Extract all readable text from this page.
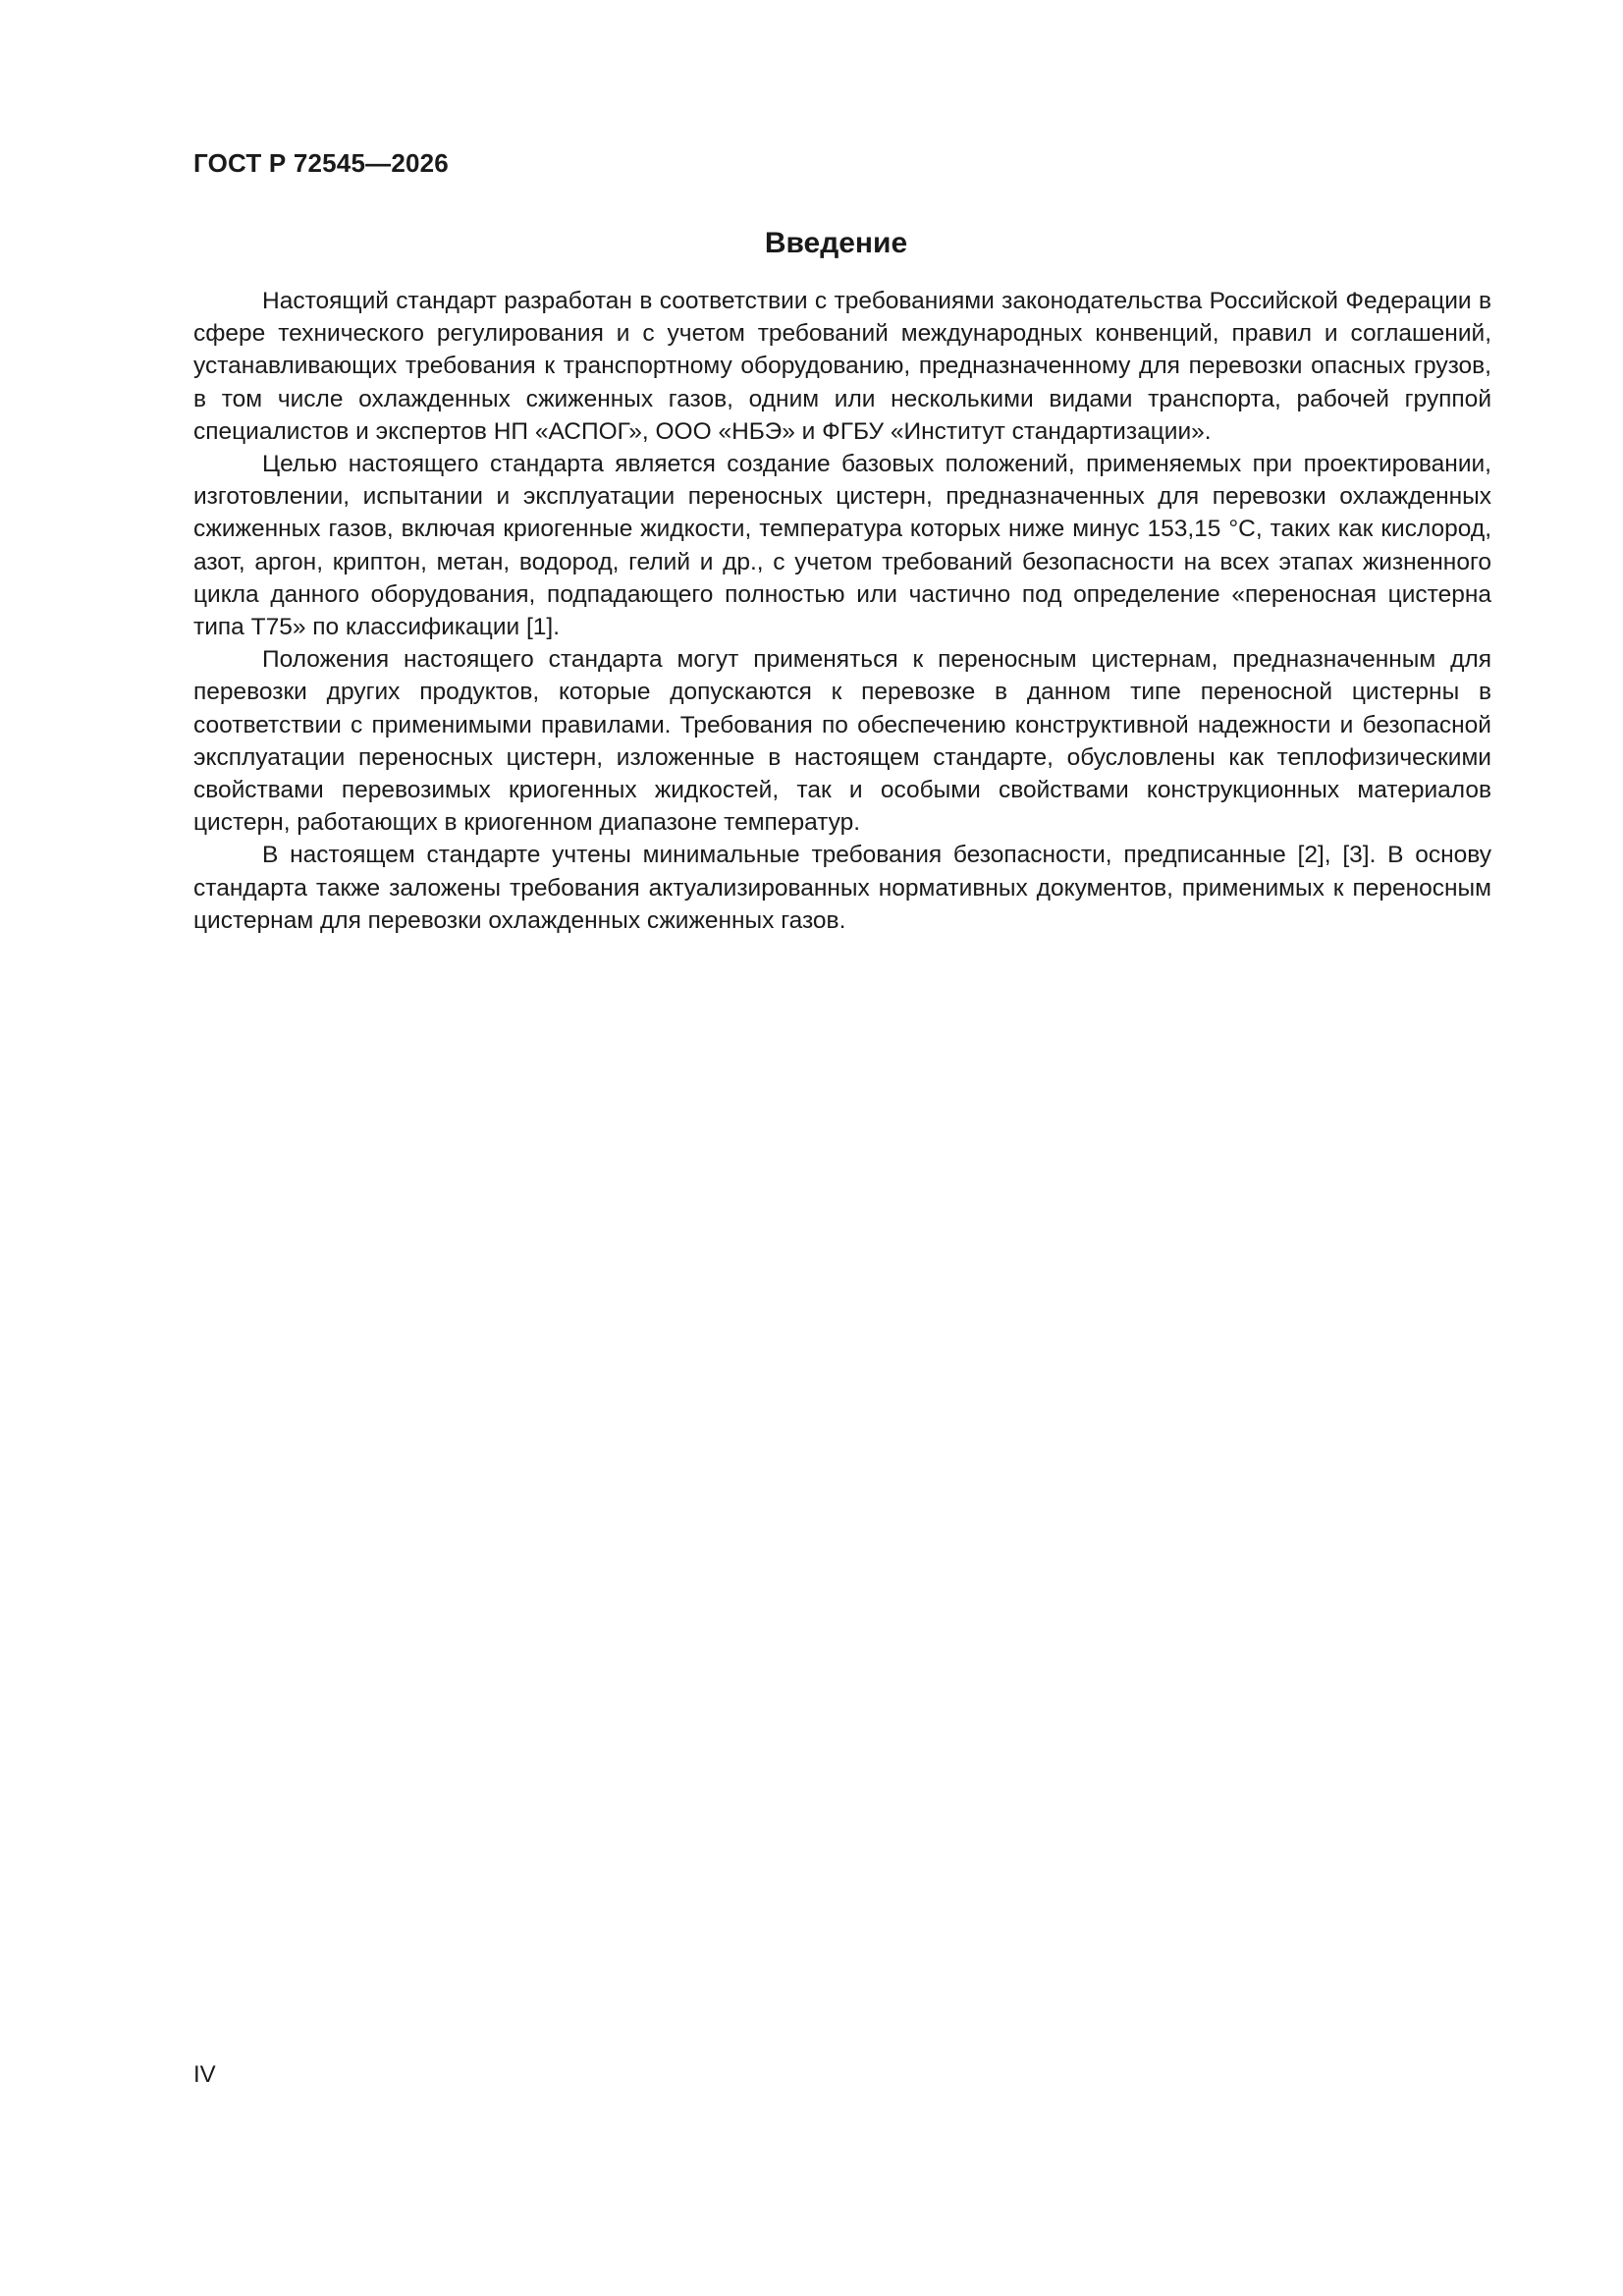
ГОСТ Р 72545—2026
Введение

Настоящий стандарт разработан в соответствии с требованиями законодательства Российской Федерации в сфере технического регулирования и с учетом требований международных конвенций, правил и соглашений, устанавливающих требования к транспортному оборудованию, предназначенному для перевозки опасных грузов, в том числе охлажденных сжиженных газов, одним или несколькими видами транспорта, рабочей группой специалистов и экспертов НП «АСПОГ», ООО «НБЭ» и ФГБУ «Институт стандартизации».

Целью настоящего стандарта является создание базовых положений, применяемых при проектировании, изготовлении, испытании и эксплуатации переносных цистерн, предназначенных для перевозки охлажденных сжиженных газов, включая криогенные жидкости, температура которых ниже минус 153,15 °С, таких как кислород, азот, аргон, криптон, метан, водород, гелий и др., с учетом требований безопасности на всех этапах жизненного цикла данного оборудования, подпадающего полностью или частично под определение «переносная цистерна типа Т75» по классификации [1].

Положения настоящего стандарта могут применяться к переносным цистернам, предназначенным для перевозки других продуктов, которые допускаются к перевозке в данном типе переносной цистерны в соответствии с применимыми правилами. Требования по обеспечению конструктивной надежности и безопасной эксплуатации переносных цистерн, изложенные в настоящем стандарте, обусловлены как теплофизическими свойствами перевозимых криогенных жидкостей, так и особыми свойствами конструкционных материалов цистерн, работающих в криогенном диапазоне температур.

В настоящем стандарте учтены минимальные требования безопасности, предписанные [2], [3]. В основу стандарта также заложены требования актуализированных нормативных документов, применимых к переносным цистернам для перевозки охлажденных сжиженных газов.

IV
